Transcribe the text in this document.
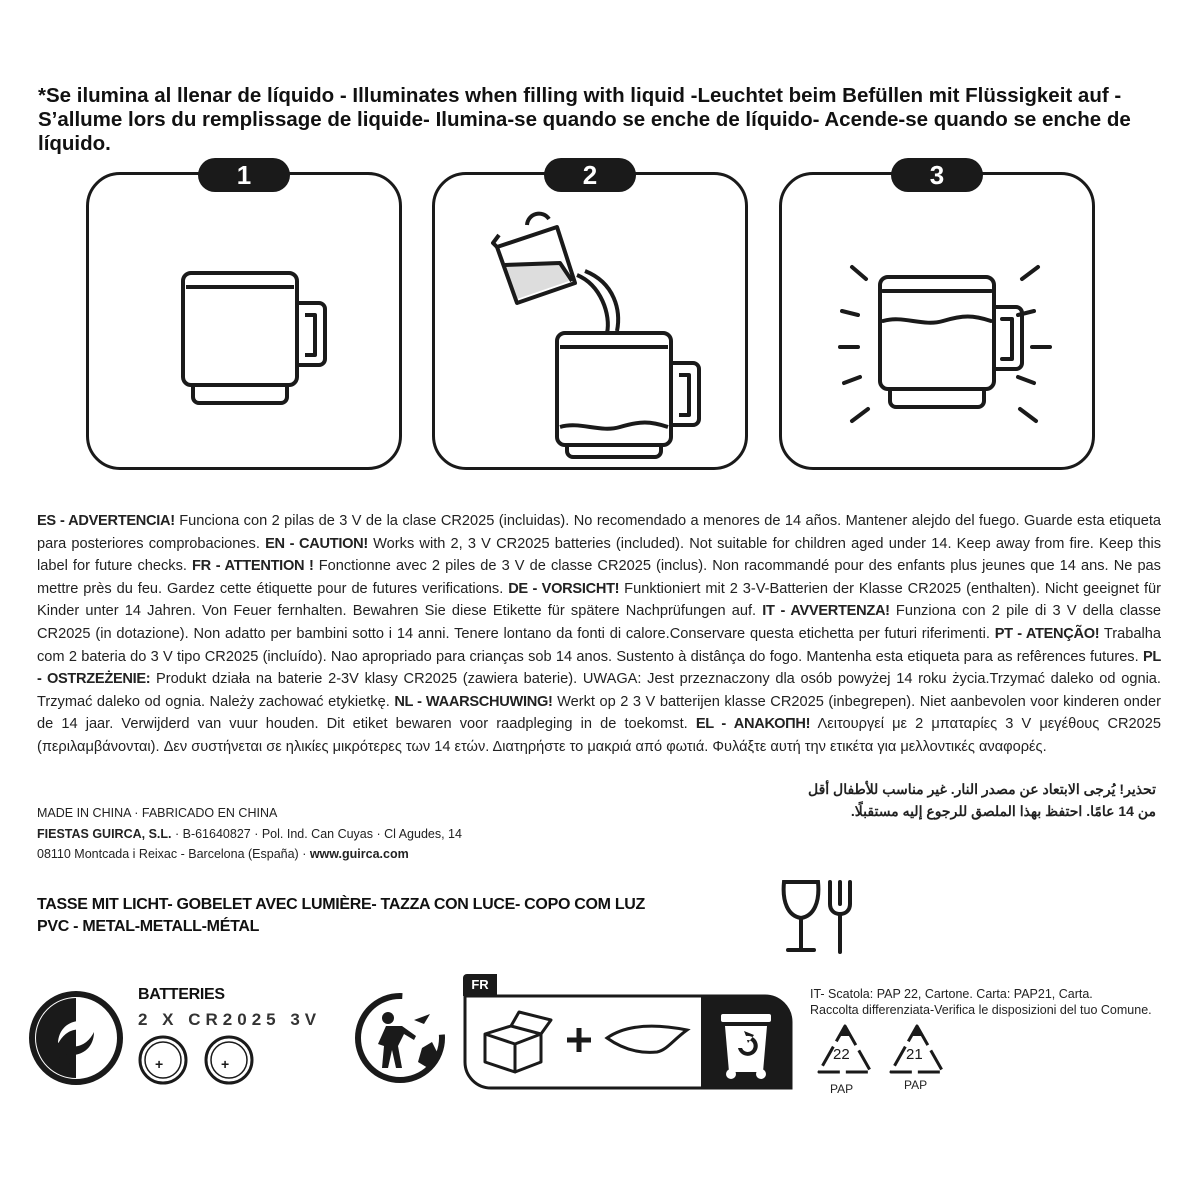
*Se ilumina al llenar de líquido - Illuminates when filling with liquid -Leuchtet beim Befüllen mit Flüssigkeit auf -S’allume lors du remplissage de liquide- Ilumina-se quando se enche de líquido- Acende-se quando se enche de líquido.
1	2	3
ES - ADVERTENCIA! Funciona con 2 pilas de 3 V de la clase CR2025 (incluidas). No recomendado a menores de 14 años. Mantener alejdo del fuego. Guarde esta etiqueta para posteriores comprobaciones. EN - CAUTION! Works with 2, 3 V CR2025 batteries (included). Not suitable for children aged under 14. Keep away from fire. Keep this label for future checks. FR - ATTENTION ! Fonctionne avec 2 piles de 3 V de classe CR2025 (inclus). Non racommandé pour des enfants plus jeunes que 14 ans. Ne pas mettre près du feu. Gardez cette étiquette pour de futures verifications. DE - VORSICHT! Funktioniert mit 2 3-V-Batterien der Klasse CR2025 (enthalten). Nicht geeignet für Kinder unter 14 Jahren. Von Feuer fernhalten. Bewahren Sie diese Etikette für spätere Nachprüfungen auf. IT - AVVERTENZA! Funziona con 2 pile di 3 V della classe CR2025 (in dotazione). Non adatto per bambini sotto i 14 anni. Tenere lontano da fonti di calore.Conservare questa etichetta per futuri riferimenti. PT - ATENÇÃO! Trabalha com 2 bateria do 3 V tipo CR2025 (incluído). Nao apropriado para crianças sob 14 anos. Sustento à distânça do fogo. Mantenha esta etiqueta para as refêrences futures. PL - OSTRZEŻENIE: Produkt działa na baterie 2-3V klasy CR2025 (zawiera baterie). UWAGA: Jest przeznaczony dla osób powyżej 14 roku życia.Trzymać daleko od ognia. Trzymać daleko od ognia. Należy zachować etykietkę. NL - WAARSCHUWING! Werkt op 2 3 V batterijen klasse CR2025 (inbegrepen). Niet aanbevolen voor kinderen onder de 14 jaar. Verwijderd van vuur houden. Dit etiket bewaren voor raadpleging in de toekomst. EL - ΑΝΑΚΟΠΗ! Λειτουργεί με 2 μπαταρίες 3 V μεγέθους CR2025 (περιλαμβάνονται). Δεν συστήνεται σε ηλικίες μικρότερες των 14 ετών. Διατηρήστε το μακριά από φωτιά. Φυλάξτε αυτή την ετικέτα για μελλοντικές αναφορές.
تحذير! يُرجى الابتعاد عن مصدر النار. غير مناسب للأطفال أقل
من 14 عامًا. احتفظ بهذا الملصق للرجوع إليه مستقبلًا.
MADE IN CHINA · FABRICADO EN CHINA
FIESTAS GUIRCA, S.L. · B-61640827 · Pol. Ind. Can Cuyas · Cl Agudes, 14
08110 Montcada i Reixac - Barcelona (España) · www.guirca.com
TASSE MIT LICHT- GOBELET AVEC LUMIÈRE- TAZZA CON LUCE- COPO COM LUZ
PVC - METAL-METALL-MÉTAL
BATTERIES
2 X CR2025 3V
+	+
FR
IT- Scatola: PAP 22, Cartone. Carta: PAP21, Carta.
Raccolta differenziata-Verifica le disposizioni del tuo Comune.
22
PAP
21
PAP
